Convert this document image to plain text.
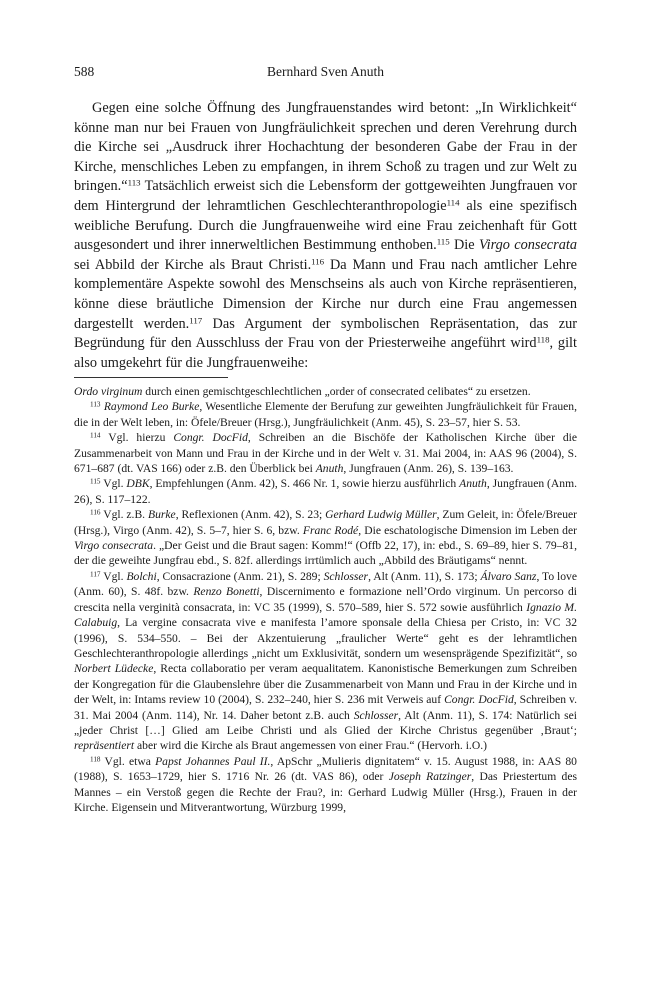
588	Bernhard Sven Anuth

Gegen eine solche Öffnung des Jungfrauenstandes wird betont: „In Wirklichkeit“ könne man nur bei Frauen von Jungfräulichkeit sprechen und deren Verehrung durch die Kirche sei „Ausdruck ihrer Hochachtung der besonderen Gabe der Frau in der Kirche, menschliches Leben zu empfangen, in ihrem Schoß zu tragen und zur Welt zu bringen.“$^{113}$ Tatsächlich erweist sich die Lebensform der gottgeweihten Jungfrauen vor dem Hintergrund der lehramtlichen Geschlechteranthropologie$^{114}$ als eine spezifisch weibliche Berufung. Durch die Jungfrauenweihe wird eine Frau zeichenhaft für Gott ausgesondert und ihrer innerweltlichen Bestimmung enthoben.$^{115}$ Die Virgo consecrata sei Abbild der Kirche als Braut Christi.$^{116}$ Da Mann und Frau nach amtlicher Lehre komplementäre Aspekte sowohl des Menschseins als auch von Kirche repräsentieren, könne diese bräutliche Dimension der Kirche nur durch eine Frau angemessen dargestellt werden.$^{117}$ Das Argument der symbolischen Repräsentation, das zur Begründung für den Ausschluss der Frau von der Priesterweihe angeführt wird$^{118}$, gilt also umgekehrt für die Jungfrauenweihe:

Ordo virginum durch einen gemischtgeschlechtlichen „order of consecrated celibates“ zu ersetzen.

$^{113}$ Raymond Leo Burke, Wesentliche Elemente der Berufung zur geweihten Jungfräulichkeit für Frauen, die in der Welt leben, in: Öfele/Breuer (Hrsg.), Jungfräulichkeit (Anm. 45), S. 23–57, hier S. 53.

$^{114}$ Vgl. hierzu Congr. DocFid, Schreiben an die Bischöfe der Katholischen Kirche über die Zusammenarbeit von Mann und Frau in der Kirche und in der Welt v. 31. Mai 2004, in: AAS 96 (2004), S. 671–687 (dt. VAS 166) oder z.B. den Überblick bei Anuth, Jungfrauen (Anm. 26), S. 139–163.

$^{115}$ Vgl. DBK, Empfehlungen (Anm. 42), S. 466 Nr. 1, sowie hierzu ausführlich Anuth, Jungfrauen (Anm. 26), S. 117–122.

$^{116}$ Vgl. z.B. Burke, Reflexionen (Anm. 42), S. 23; Gerhard Ludwig Müller, Zum Geleit, in: Öfele/Breuer (Hrsg.), Virgo (Anm. 42), S. 5–7, hier S. 6, bzw. Franc Rodé, Die eschatologische Dimension im Leben der Virgo consecrata. „Der Geist und die Braut sagen: Komm!“ (Offb 22, 17), in: ebd., S. 69–89, hier S. 79–81, der die geweihte Jungfrau ebd., S. 82f. allerdings irrtümlich auch „Abbild des Bräutigams“ nennt.

$^{117}$ Vgl. Bolchi, Consacrazione (Anm. 21), S. 289; Schlosser, Alt (Anm. 11), S. 173; Álvaro Sanz, To love (Anm. 60), S. 48f. bzw. Renzo Bonetti, Discernimento e formazione nell’Ordo virginum. Un percorso di crescita nella verginità consacrata, in: VC 35 (1999), S. 570–589, hier S. 572 sowie ausführlich Ignazio M. Calabuig, La vergine consacrata vive e manifesta l’amore sponsale della Chiesa per Cristo, in: VC 32 (1996), S. 534–550. – Bei der Akzentuierung „fraulicher Werte“ geht es der lehramtlichen Geschlechteranthropologie allerdings „nicht um Exklusivität, sondern um wesensprägende Spezifizität“, so Norbert Lüdecke, Recta collaboratio per veram aequalitatem. Kanonistische Bemerkungen zum Schreiben der Kongregation für die Glaubenslehre über die Zusammenarbeit von Mann und Frau in der Kirche und in der Welt, in: Intams review 10 (2004), S. 232–240, hier S. 236 mit Verweis auf Congr. DocFid, Schreiben v. 31. Mai 2004 (Anm. 114), Nr. 14. Daher betont z.B. auch Schlosser, Alt (Anm. 11), S. 174: Natürlich sei „jeder Christ […] Glied am Leibe Christi und als Glied der Kirche Christus gegenüber ‚Braut‘; repräsentiert aber wird die Kirche als Braut angemessen von einer Frau.“ (Hervorh. i.O.)

$^{118}$ Vgl. etwa Papst Johannes Paul II., ApSchr „Mulieris dignitatem“ v. 15. August 1988, in: AAS 80 (1988), S. 1653–1729, hier S. 1716 Nr. 26 (dt. VAS 86), oder Joseph Ratzinger, Das Priestertum des Mannes – ein Verstoß gegen die Rechte der Frau?, in: Gerhard Ludwig Müller (Hrsg.), Frauen in der Kirche. Eigensein und Mitverantwortung, Würzburg 1999,
